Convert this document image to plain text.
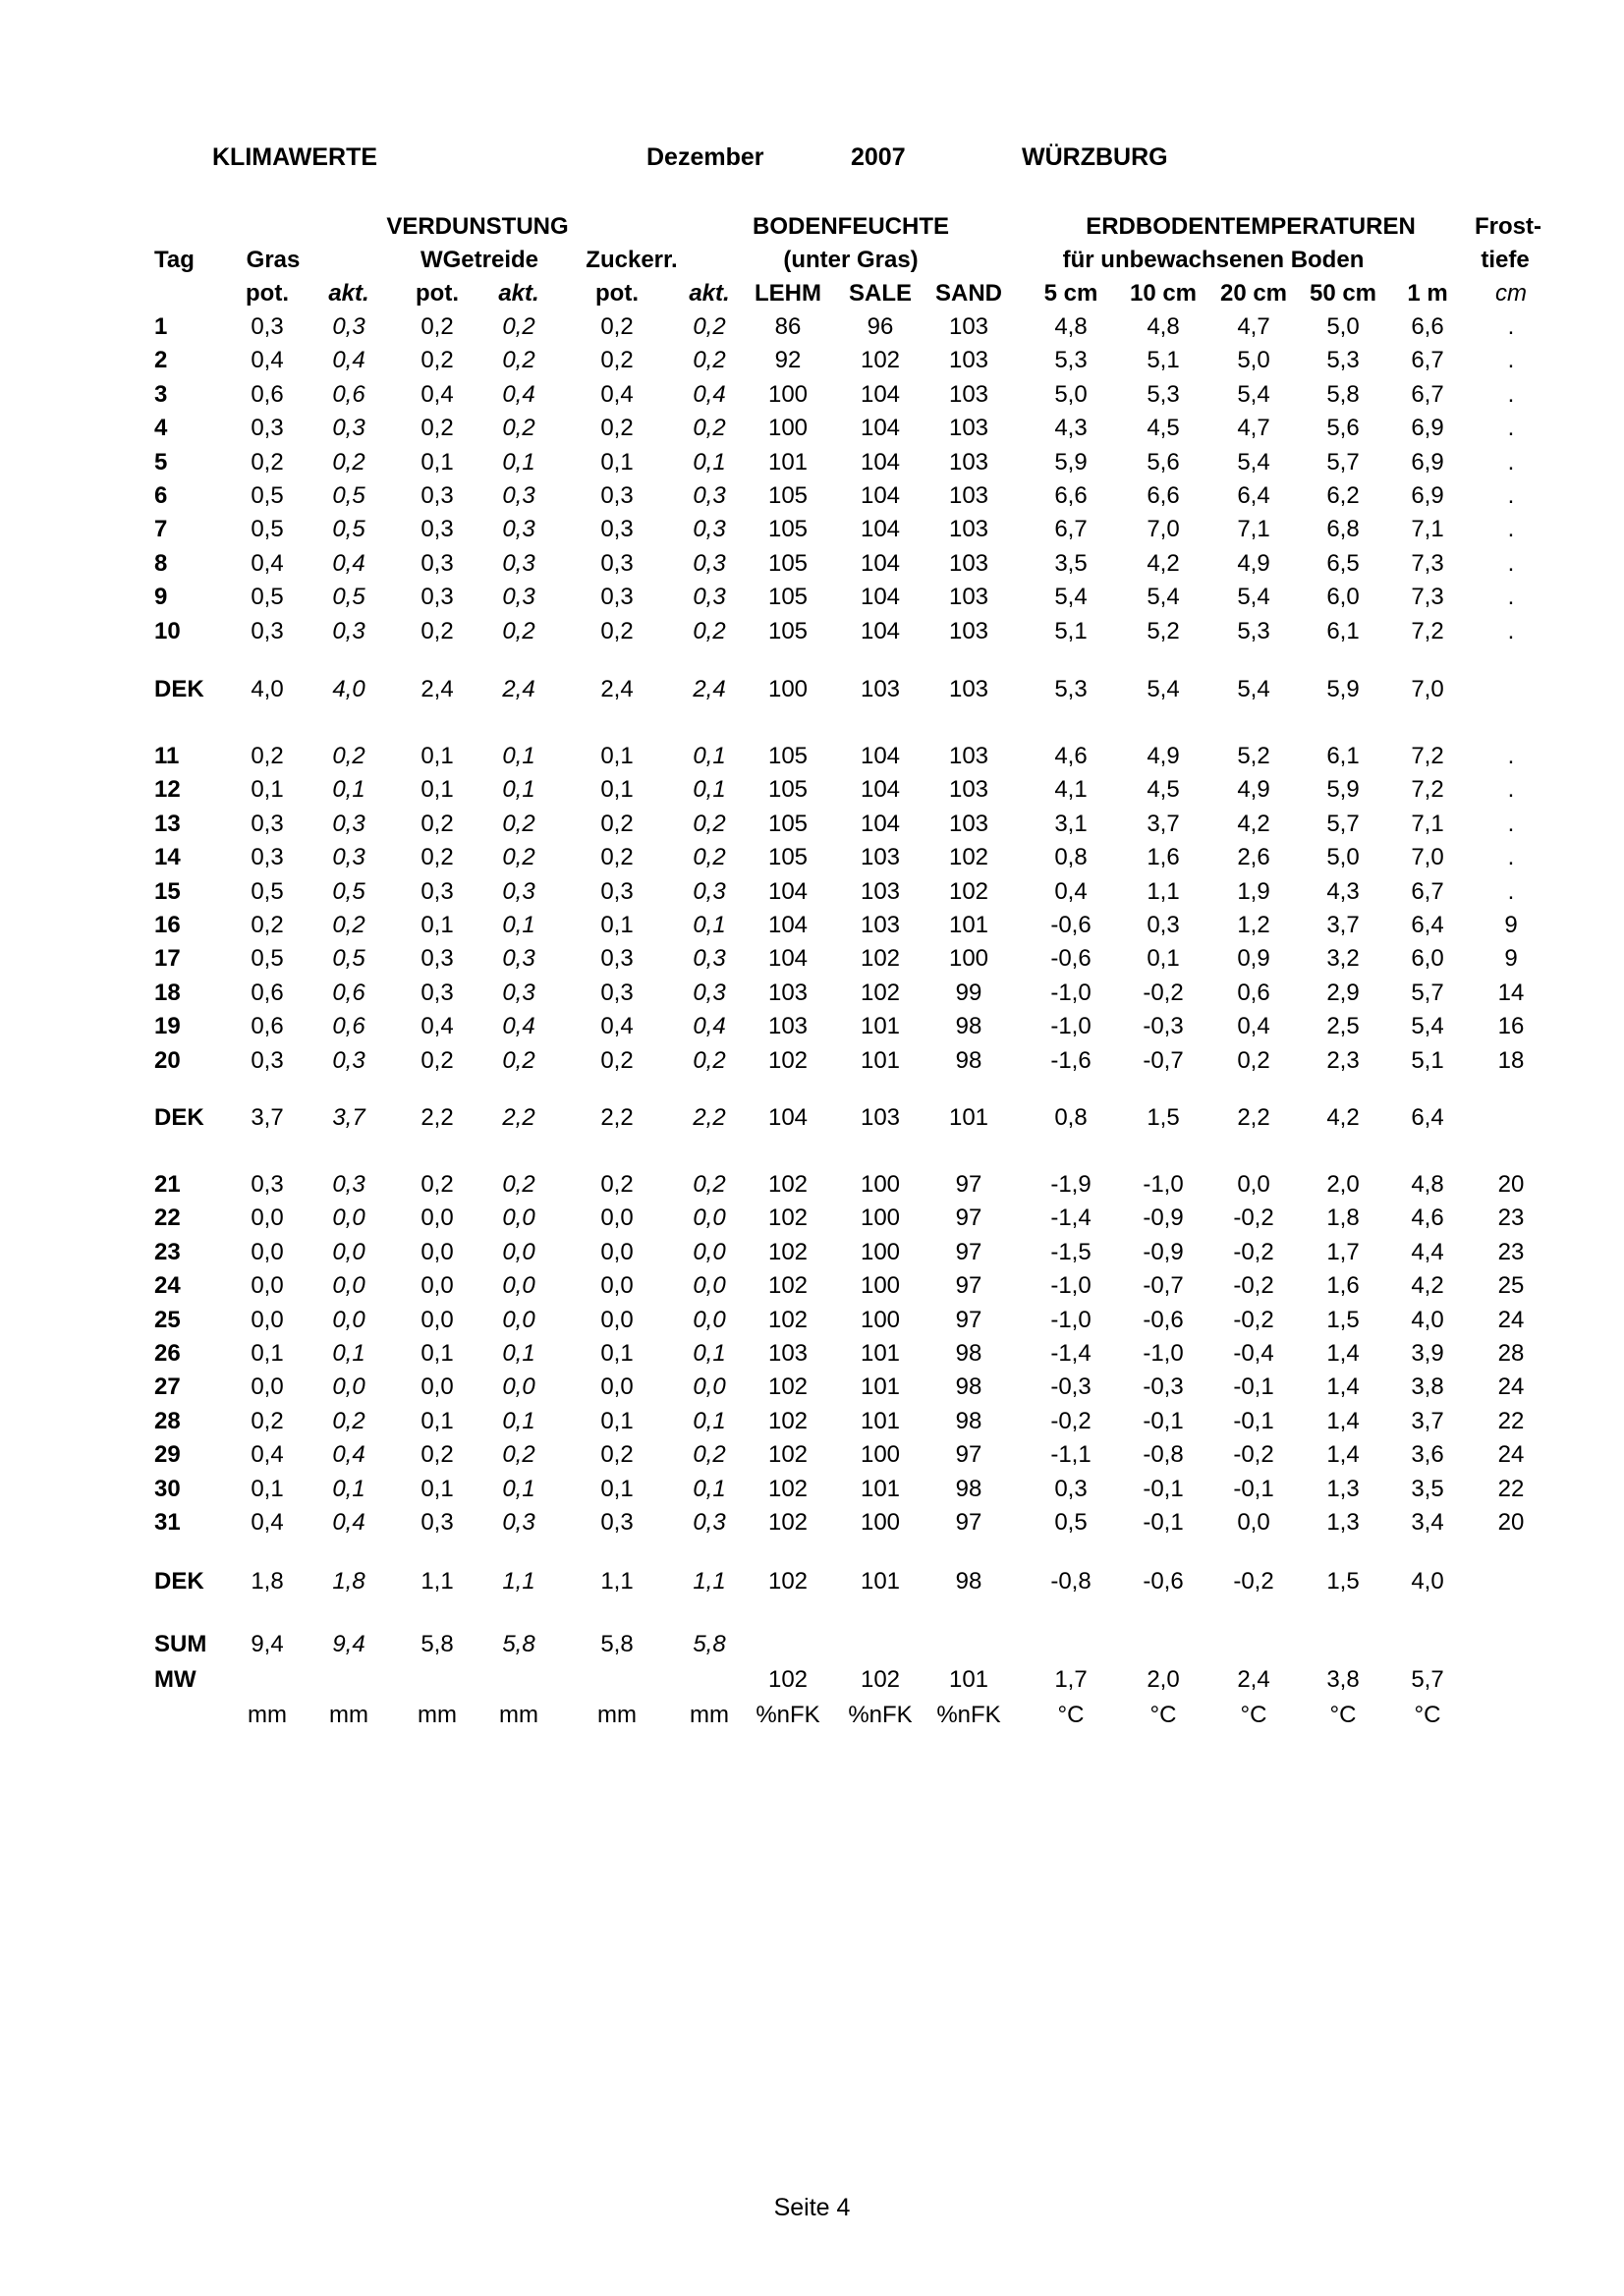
KLIMAWERTE	Dezember	2007	WÜRZBURG
VERDUNSTUNG	BODENFEUCHTE	ERDBODENTEMPERATUREN	Frost-
Tag Gras	WGetreide Zuckerr.	(unter Gras)	für unbewachsenen Boden	tiefe
pot. akt. pot. akt. pot. akt. LEHM SALE SAND 5 cm 10 cm 20 cm 50 cm 1 m cm
1	0,3 0,3 0,2 0,2	0,2	0,2 86	96 103	4,8	4,8 4,7 5,0 6,6	.
2	0,4 0,4 0,2 0,2	0,2	0,2 92	102 103	5,3	5,1 5,0 5,3 6,7	.
3	0,6 0,6 0,4 0,4	0,4	0,4 100 104 103	5,0	5,3 5,4 5,8 6,7	.
4	0,3 0,3 0,2 0,2	0,2	0,2 100 104 103	4,3	4,5 4,7 5,6 6,9	.
5	0,2 0,2 0,1 0,1	0,1	0,1 101 104 103	5,9	5,6 5,4 5,7 6,9	.
6	0,5 0,5 0,3 0,3	0,3	0,3 105 104 103	6,6	6,6 6,4 6,2 6,9	.
7	0,5 0,5 0,3 0,3	0,3	0,3 105 104 103	6,7	7,0 7,1 6,8 7,1	.
8	0,4 0,4 0,3 0,3	0,3	0,3 105 104 103	3,5	4,2 4,9 6,5 7,3	.
9	0,5 0,5 0,3 0,3	0,3	0,3 105 104 103	5,4	5,4 5,4 6,0 7,3	.
10	0,3 0,3 0,2 0,2	0,2	0,2 105 104 103	5,1	5,2 5,3 6,1 7,2	.
DEK 4,0 4,0 2,4 2,4	2,4	2,4 100 103 103	5,3	5,4 5,4 5,9 7,0
11	0,2 0,2 0,1 0,1	0,1	0,1 105 104 103	4,6	4,9 5,2 6,1 7,2	.
12	0,1 0,1 0,1 0,1	0,1	0,1 105 104 103	4,1	4,5 4,9 5,9 7,2	.
13	0,3 0,3 0,2 0,2	0,2	0,2 105 104 103	3,1	3,7 4,2 5,7 7,1	.
14	0,3 0,3 0,2 0,2	0,2	0,2 105 103 102	0,8	1,6 2,6 5,0 7,0	.
15	0,5 0,5 0,3 0,3	0,3	0,3 104 103 102	0,4	1,1 1,9 4,3 6,7	.
16	0,2 0,2 0,1 0,1	0,1	0,1 104 103 101	-0,6 0,3 1,2 3,7 6,4	9
17	0,5 0,5 0,3 0,3	0,3	0,3 104 102 100	-0,6 0,1 0,9 3,2 6,0	9
18	0,6 0,6 0,3 0,3	0,3	0,3 103 102 99	-1,0 -0,2 0,6 2,9 5,7 14
19	0,6 0,6 0,4 0,4	0,4	0,4 103 101 98	-1,0 -0,3 0,4 2,5 5,4 16
20	0,3 0,3 0,2 0,2	0,2	0,2 102 101 98	-1,6 -0,7 0,2 2,3 5,1 18
DEK 3,7 3,7 2,2 2,2	2,2	2,2 104 103 101	0,8	1,5 2,2 4,2 6,4
21	0,3 0,3 0,2 0,2	0,2	0,2 102 100 97	-1,9 -1,0 0,0 2,0 4,8 20
22	0,0 0,0 0,0 0,0	0,0	0,0 102 100 97	-1,4 -0,9 -0,2 1,8 4,6 23
23	0,0 0,0 0,0 0,0	0,0	0,0 102 100 97	-1,5 -0,9 -0,2 1,7 4,4 23
24	0,0 0,0 0,0 0,0	0,0	0,0 102 100 97	-1,0 -0,7 -0,2 1,6 4,2 25
25	0,0 0,0 0,0 0,0	0,0	0,0 102 100 97	-1,0 -0,6 -0,2 1,5 4,0 24
26	0,1 0,1 0,1 0,1	0,1	0,1 103 101 98	-1,4 -1,0 -0,4 1,4 3,9 28
27	0,0 0,0 0,0 0,0	0,0	0,0 102 101 98	-0,3 -0,3 -0,1 1,4 3,8 24
28	0,2 0,2 0,1 0,1	0,1	0,1 102 101 98	-0,2 -0,1 -0,1 1,4 3,7 22
29	0,4 0,4 0,2 0,2	0,2	0,2 102 100 97	-1,1 -0,8 -0,2 1,4 3,6 24
30	0,1 0,1 0,1 0,1	0,1	0,1 102 101 98	0,3 -0,1 -0,1 1,3 3,5 22
31	0,4 0,4 0,3 0,3	0,3	0,3 102 100 97	0,5 -0,1 0,0 1,3 3,4 20
DEK 1,8 1,8 1,1 1,1	1,1	1,1 102 101 98	-0,8 -0,6 -0,2 1,5 4,0
SUM 9,4 9,4 5,8 5,8	5,8	5,8
MW	102 102 101	1,7	2,0 2,4 3,8 5,7
mm mm mm mm	mm mm %nFK %nFK %nFK °C	°C	°C	°C °C
Seite 4
